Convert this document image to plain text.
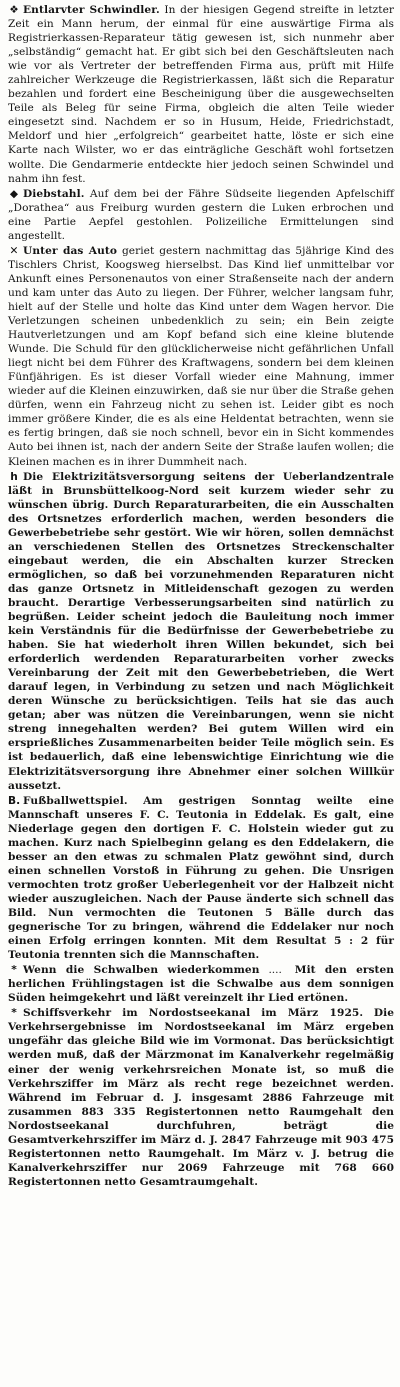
❖ Entlarvter Schwindler. In der hiesigen Gegend streifte in letzter Zeit ein Mann herum, der einmal für eine auswärtige Firma als Registrierkassen-Reparateur tätig gewesen ist, sich nunmehr aber „selbständig“ gemacht hat. Er gibt sich bei den Geschäftsleuten nach wie vor als Vertreter der betreffenden Firma aus, prüft mit Hilfe zahlreicher Werkzeuge die Registrierkassen, läßt sich die Reparatur bezahlen und fordert eine Bescheinigung über die ausgewechselten Teile als Beleg für seine Firma, obgleich die alten Teile wieder eingesetzt sind. Nachdem er so in Husum, Heide, Friedrichstadt, Meldorf und hier „erfolgreich“ gearbeitet hatte, löste er sich eine Karte nach Wilster, wo er das einträgliche Geschäft wohl fortsetzen wollte. Die Gendarmerie entdeckte hier jedoch seinen Schwindel und nahm ihn fest.

◆ Diebstahl. Auf dem bei der Fähre Südseite liegenden Apfelschiff „Dorathea“ aus Freiburg wurden gestern die Luken erbrochen und eine Partie Aepfel gestohlen. Polizeiliche Ermittelungen sind angestellt.

✕ Unter das Auto geriet gestern nachmittag das 5jährige Kind des Tischlers Christ, Koogsweg hierselbst. Das Kind lief unmittelbar vor Ankunft eines Personenautos von einer Straßenseite nach der andern und kam unter das Auto zu liegen. Der Führer, welcher langsam fuhr, hielt auf der Stelle und holte das Kind unter dem Wagen hervor. Die Verletzungen scheinen unbedenklich zu sein; ein Bein zeigte Hautverletzungen und am Kopf befand sich eine kleine blutende Wunde. Die Schuld für den glücklicherweise nicht gefährlichen Unfall liegt nicht bei dem Führer des Kraftwagens, sondern bei dem kleinen Fünfjährigen. Es ist dieser Vorfall wieder eine Mahnung, immer wieder auf die Kleinen einzuwirken, daß sie nur über die Straße gehen dürfen, wenn ein Fahrzeug nicht zu sehen ist. Leider gibt es noch immer größere Kinder, die es als eine Heldentat betrachten, wenn sie es fertig bringen, daß sie noch schnell, bevor ein in Sicht kommendes Auto bei ihnen ist, nach der andern Seite der Straße laufen wollen; die Kleinen machen es in ihrer Dummheit nach.

h Die Elektrizitätsversorgung seitens der Ueberlandzentrale läßt in Brunsbüttelkoog-Nord seit kurzem wieder sehr zu wünschen übrig. Durch Reparaturarbeiten, die ein Ausschalten des Ortsnetzes erforderlich machen, werden besonders die Gewerbebetriebe sehr gestört. Wie wir hören, sollen demnächst an verschiedenen Stellen des Ortsnetzes Streckenschalter eingebaut werden, die ein Abschalten kurzer Strecken ermöglichen, so daß bei vorzunehmenden Reparaturen nicht das ganze Ortsnetz in Mitleidenschaft gezogen zu werden braucht. Derartige Verbesserungsarbeiten sind natürlich zu begrüßen. Leider scheint jedoch die Bauleitung noch immer kein Verständnis für die Bedürfnisse der Gewerbebetriebe zu haben. Sie hat wiederholt ihren Willen bekundet, sich bei erforderlich werdenden Reparaturarbeiten vorher zwecks Vereinbarung der Zeit mit den Gewerbebetrieben, die Wert darauf legen, in Verbindung zu setzen und nach Möglichkeit deren Wünsche zu berücksichtigen. Teils hat sie das auch getan; aber was nützen die Vereinbarungen, wenn sie nicht streng innegehalten werden? Bei gutem Willen wird ein ersprießliches Zusammenarbeiten beider Teile möglich sein. Es ist bedauerlich, daß eine lebenswichtige Einrichtung wie die Elektrizitätsversorgung ihre Abnehmer einer solchen Willkür aussetzt.

B. Fußballwettspiel. Am gestrigen Sonntag weilte eine Mannschaft unseres F. C. Teutonia in Eddelak. Es galt, eine Niederlage gegen den dortigen F. C. Holstein wieder gut zu machen. Kurz nach Spielbeginn gelang es den Eddelakern, die besser an den etwas zu schmalen Platz gewöhnt sind, durch einen schnellen Vorstoß in Führung zu gehen. Die Unsrigen vermochten trotz großer Ueberlegenheit vor der Halbzeit nicht wieder auszugleichen. Nach der Pause änderte sich schnell das Bild. Nun vermochten die Teutonen 5 Bälle durch das gegnerische Tor zu bringen, während die Eddelaker nur noch einen Erfolg erringen konnten. Mit dem Resultat 5 : 2 für Teutonia trennten sich die Mannschaften.

* Wenn die Schwalben wiederkommen .... Mit den ersten herlichen Frühlingstagen ist die Schwalbe aus dem sonnigen Süden heimgekehrt und läßt vereinzelt ihr Lied ertönen.

* Schiffsverkehr im Nordostseekanal im März 1925. Die Verkehrsergebnisse im Nordostseekanal im März ergeben ungefähr das gleiche Bild wie im Vormonat. Das berücksichtigt werden muß, daß der Märzmonat im Kanalverkehr regelmäßig einer der wenig verkehrsreichen Monate ist, so muß die Verkehrsziffer im März als recht rege bezeichnet werden. Während im Februar d. J. insgesamt 2886 Fahrzeuge mit zusammen 883 335 Registertonnen netto Raumgehalt den Nordostseekanal durchfuhren, beträgt die Gesamtverkehrsziffer im März d. J. 2847 Fahrzeuge mit 903 475 Registertonnen netto Raumgehalt. Im März v. J. betrug die Kanalverkehrsziffer nur 2069 Fahrzeuge mit 768 660 Registertonnen netto Gesamtraumgehalt.
